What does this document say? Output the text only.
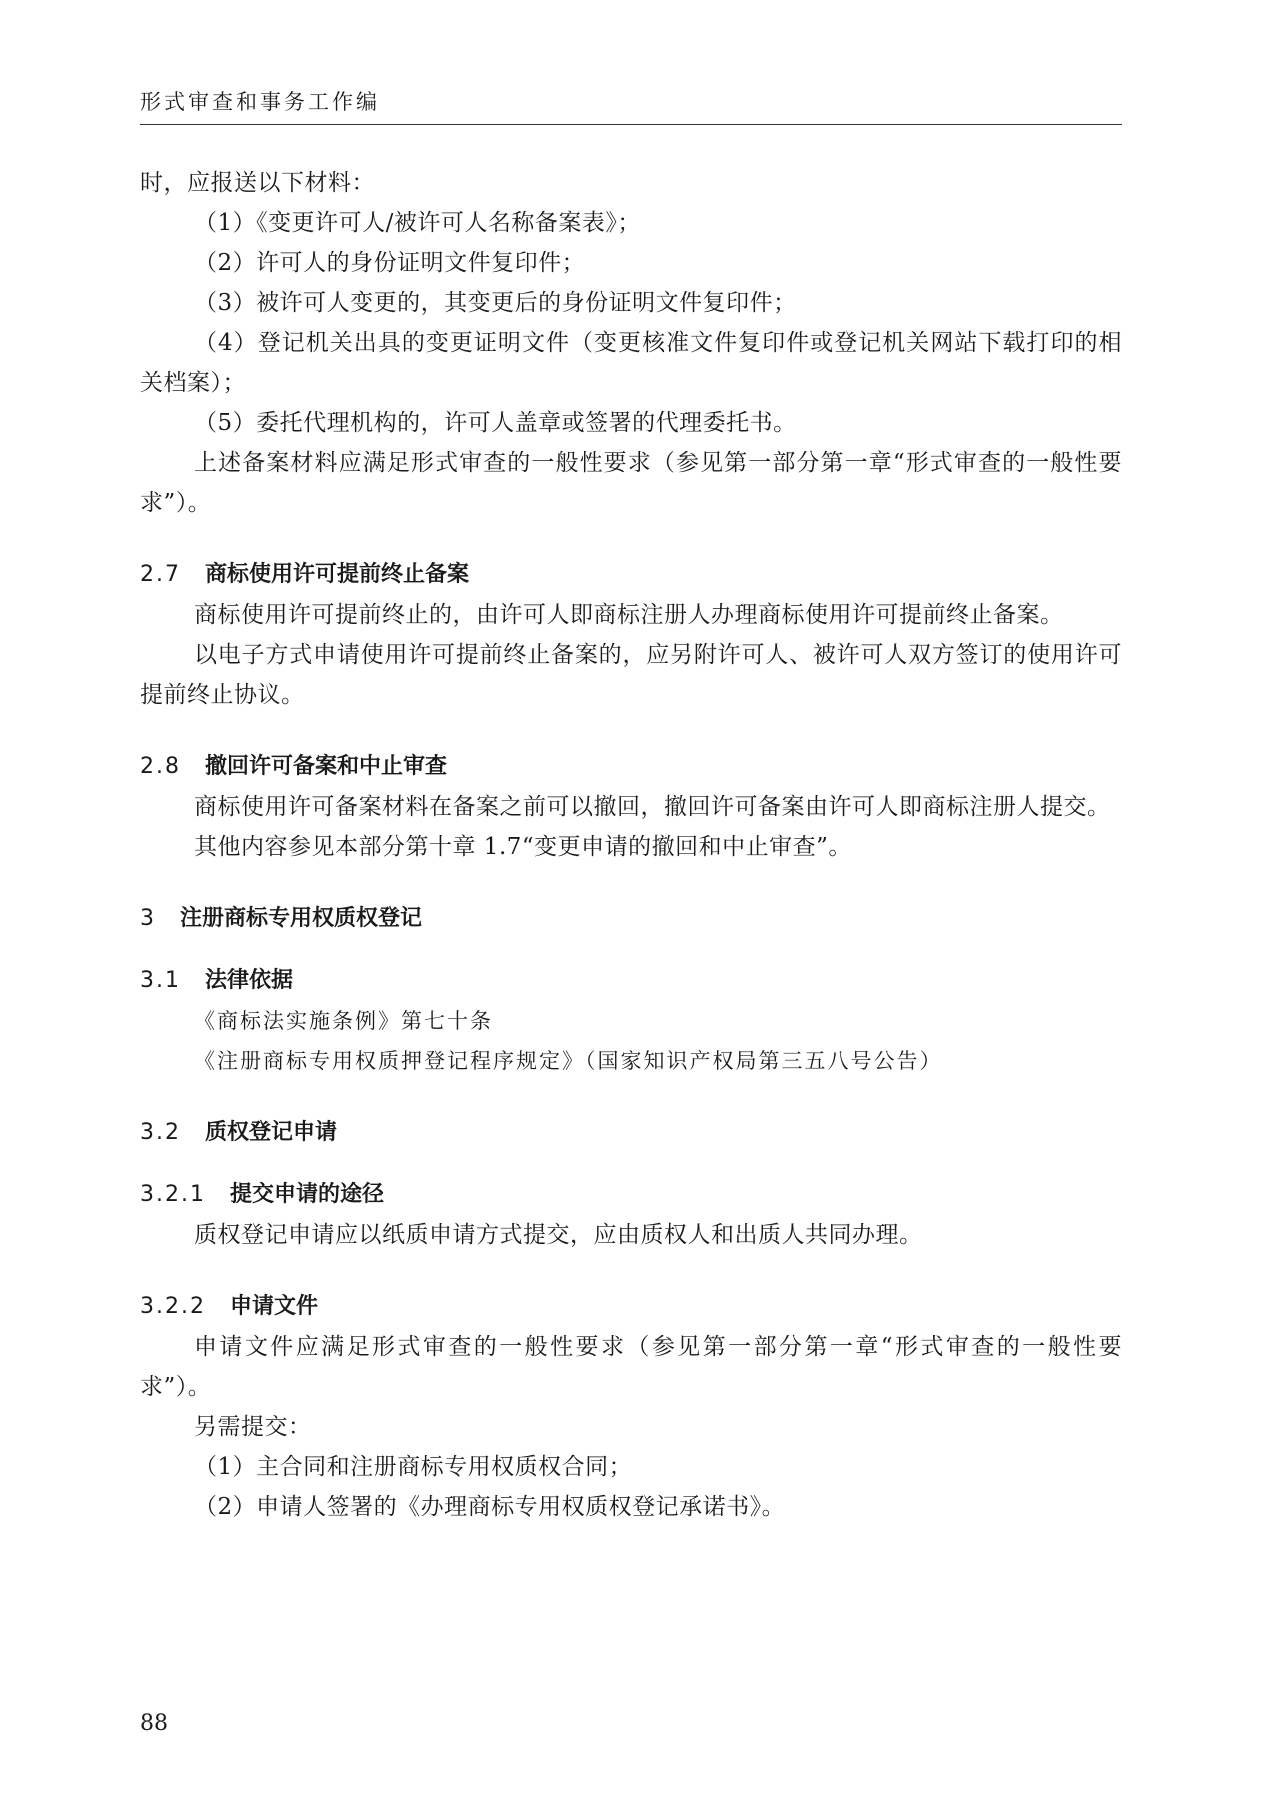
形式审查和事务工作编

时，应报送以下材料：

（1）《变更许可人/被许可人名称备案表》；

（2）许可人的身份证明文件复印件；

（3）被许可人变更的，其变更后的身份证明文件复印件；

（4）登记机关出具的变更证明文件（变更核准文件复印件或登记机关网站下载打印的相关档案）；

（5）委托代理机构的，许可人盖章或签署的代理委托书。

上述备案材料应满足形式审查的一般性要求（参见第一部分第一章“形式审查的一般性要求”）。

2.7 商标使用许可提前终止备案

商标使用许可提前终止的，由许可人即商标注册人办理商标使用许可提前终止备案。

以电子方式申请使用许可提前终止备案的，应另附许可人、被许可人双方签订的使用许可提前终止协议。

2.8 撤回许可备案和中止审查

商标使用许可备案材料在备案之前可以撤回，撤回许可备案由许可人即商标注册人提交。

其他内容参见本部分第十章 1.7“变更申请的撤回和中止审查”。

3 注册商标专用权质权登记

3.1 法律依据

《商标法实施条例》第七十条

《注册商标专用权质押登记程序规定》（国家知识产权局第三五八号公告）

3.2 质权登记申请

3.2.1 提交申请的途径

质权登记申请应以纸质申请方式提交，应由质权人和出质人共同办理。

3.2.2 申请文件

申请文件应满足形式审查的一般性要求（参见第一部分第一章“形式审查的一般性要求”）。

另需提交：

（1）主合同和注册商标专用权质权合同；

（2）申请人签署的《办理商标专用权质权登记承诺书》。

88
